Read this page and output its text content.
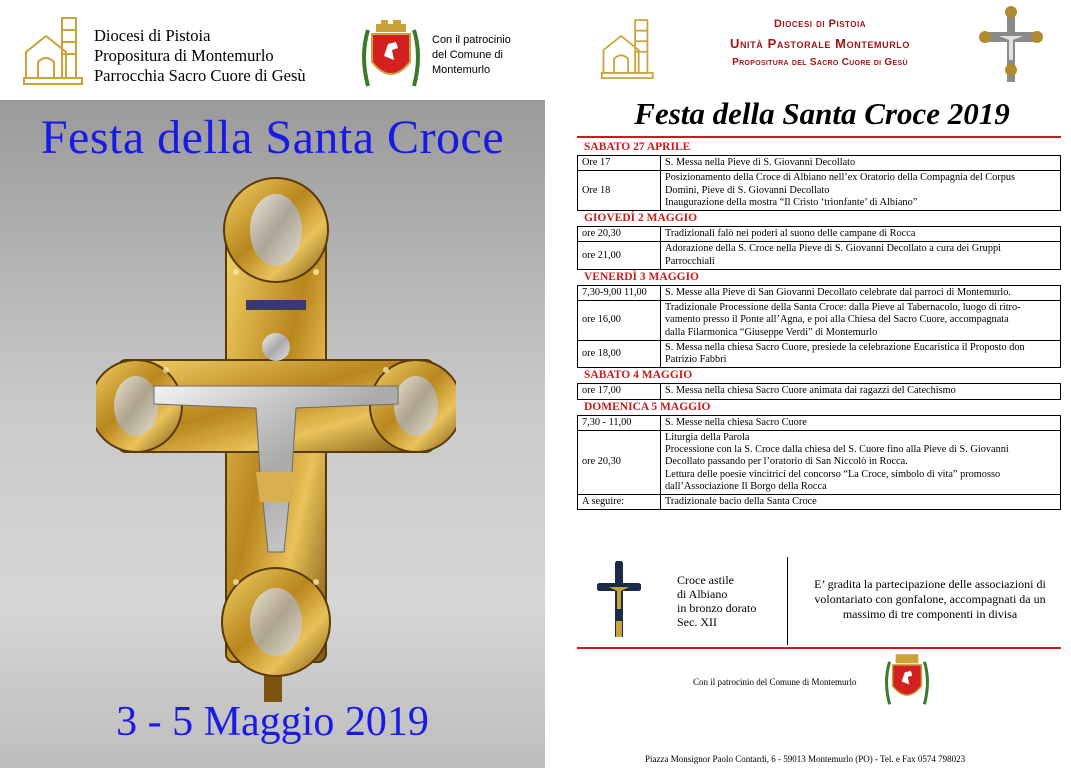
Diocesi di Pistoia
Propositura di Montemurlo
Parrocchia Sacro Cuore di Gesù
Con il patrocinio
del Comune di
Montemurlo
Festa della Santa Croce
3 - 5 Maggio 2019
Diocesi di Pistoia
Unità Pastorale Montemurlo
Propositura del Sacro Cuore di Gesù
Festa della Santa Croce 2019
SABATO 27 APRILE
Ore 17	S. Messa nella Pieve di S. Giovanni Decollato

Ore 18	Posizionamento della Croce di Albiano nell’ex Oratorio della Compagnia del Corpus
Domini, Pieve di S. Giovanni Decollato
Inaugurazione della mostra “Il Cristo ‘trionfante’ di Albiano”
GIOVEDÌ 2 MAGGIO
ore 20,30	Tradizionali falò nei poderi al suono delle campane di Rocca

ore 21,00	Adorazione della S. Croce nella Pieve di S. Giovanni Decollato a cura dei Gruppi
Parrocchiali
VENERDÌ 3 MAGGIO
7,30-9,00 11,00	S. Messe alla Pieve di San Giovanni Decollato celebrate dai parroci di Montemurlo.

ore 16,00	Tradizionale Processione della Santa Croce: dalla Pieve al Tabernacolo, luogo di ritro-
vamento presso il Ponte all’Agna, e poi alla Chiesa del Sacro Cuore, accompagnata
dalla Filarmonica “Giuseppe Verdi” di Montemurlo

ore 18,00	S. Messa nella chiesa Sacro Cuore, presiede la celebrazione Eucaristica il Proposto don
Patrizio Fabbri
SABATO 4 MAGGIO
ore 17,00	S. Messa nella chiesa Sacro Cuore animata dai ragazzi del Catechismo
DOMENICA 5 MAGGIO
7,30 - 11,00	S. Messe nella chiesa Sacro Cuore

ore 20,30	Liturgia della Parola
Processione con la S. Croce dalla chiesa del S. Cuore fino alla Pieve di S. Giovanni
Decollato passando per l’oratorio di San Niccolò in Rocca.
Lettura delle poesie vincitrici del concorso “La Croce, simbolo di vita” promosso
dall’Associazione Il Borgo della Rocca

A seguire:	Tradizionale bacio della Santa Croce
Croce astile
di Albiano
in bronzo dorato
Sec. XII
E’ gradita la partecipazione delle associazioni di volontariato con gonfalone, accompagnati da un massimo di tre componenti in divisa
Con il patrocinio del Comune di Montemurlo
Piazza Monsignor Paolo Contardi, 6 - 59013 Montemurlo (PO) - Tel. e Fax 0574 798023
